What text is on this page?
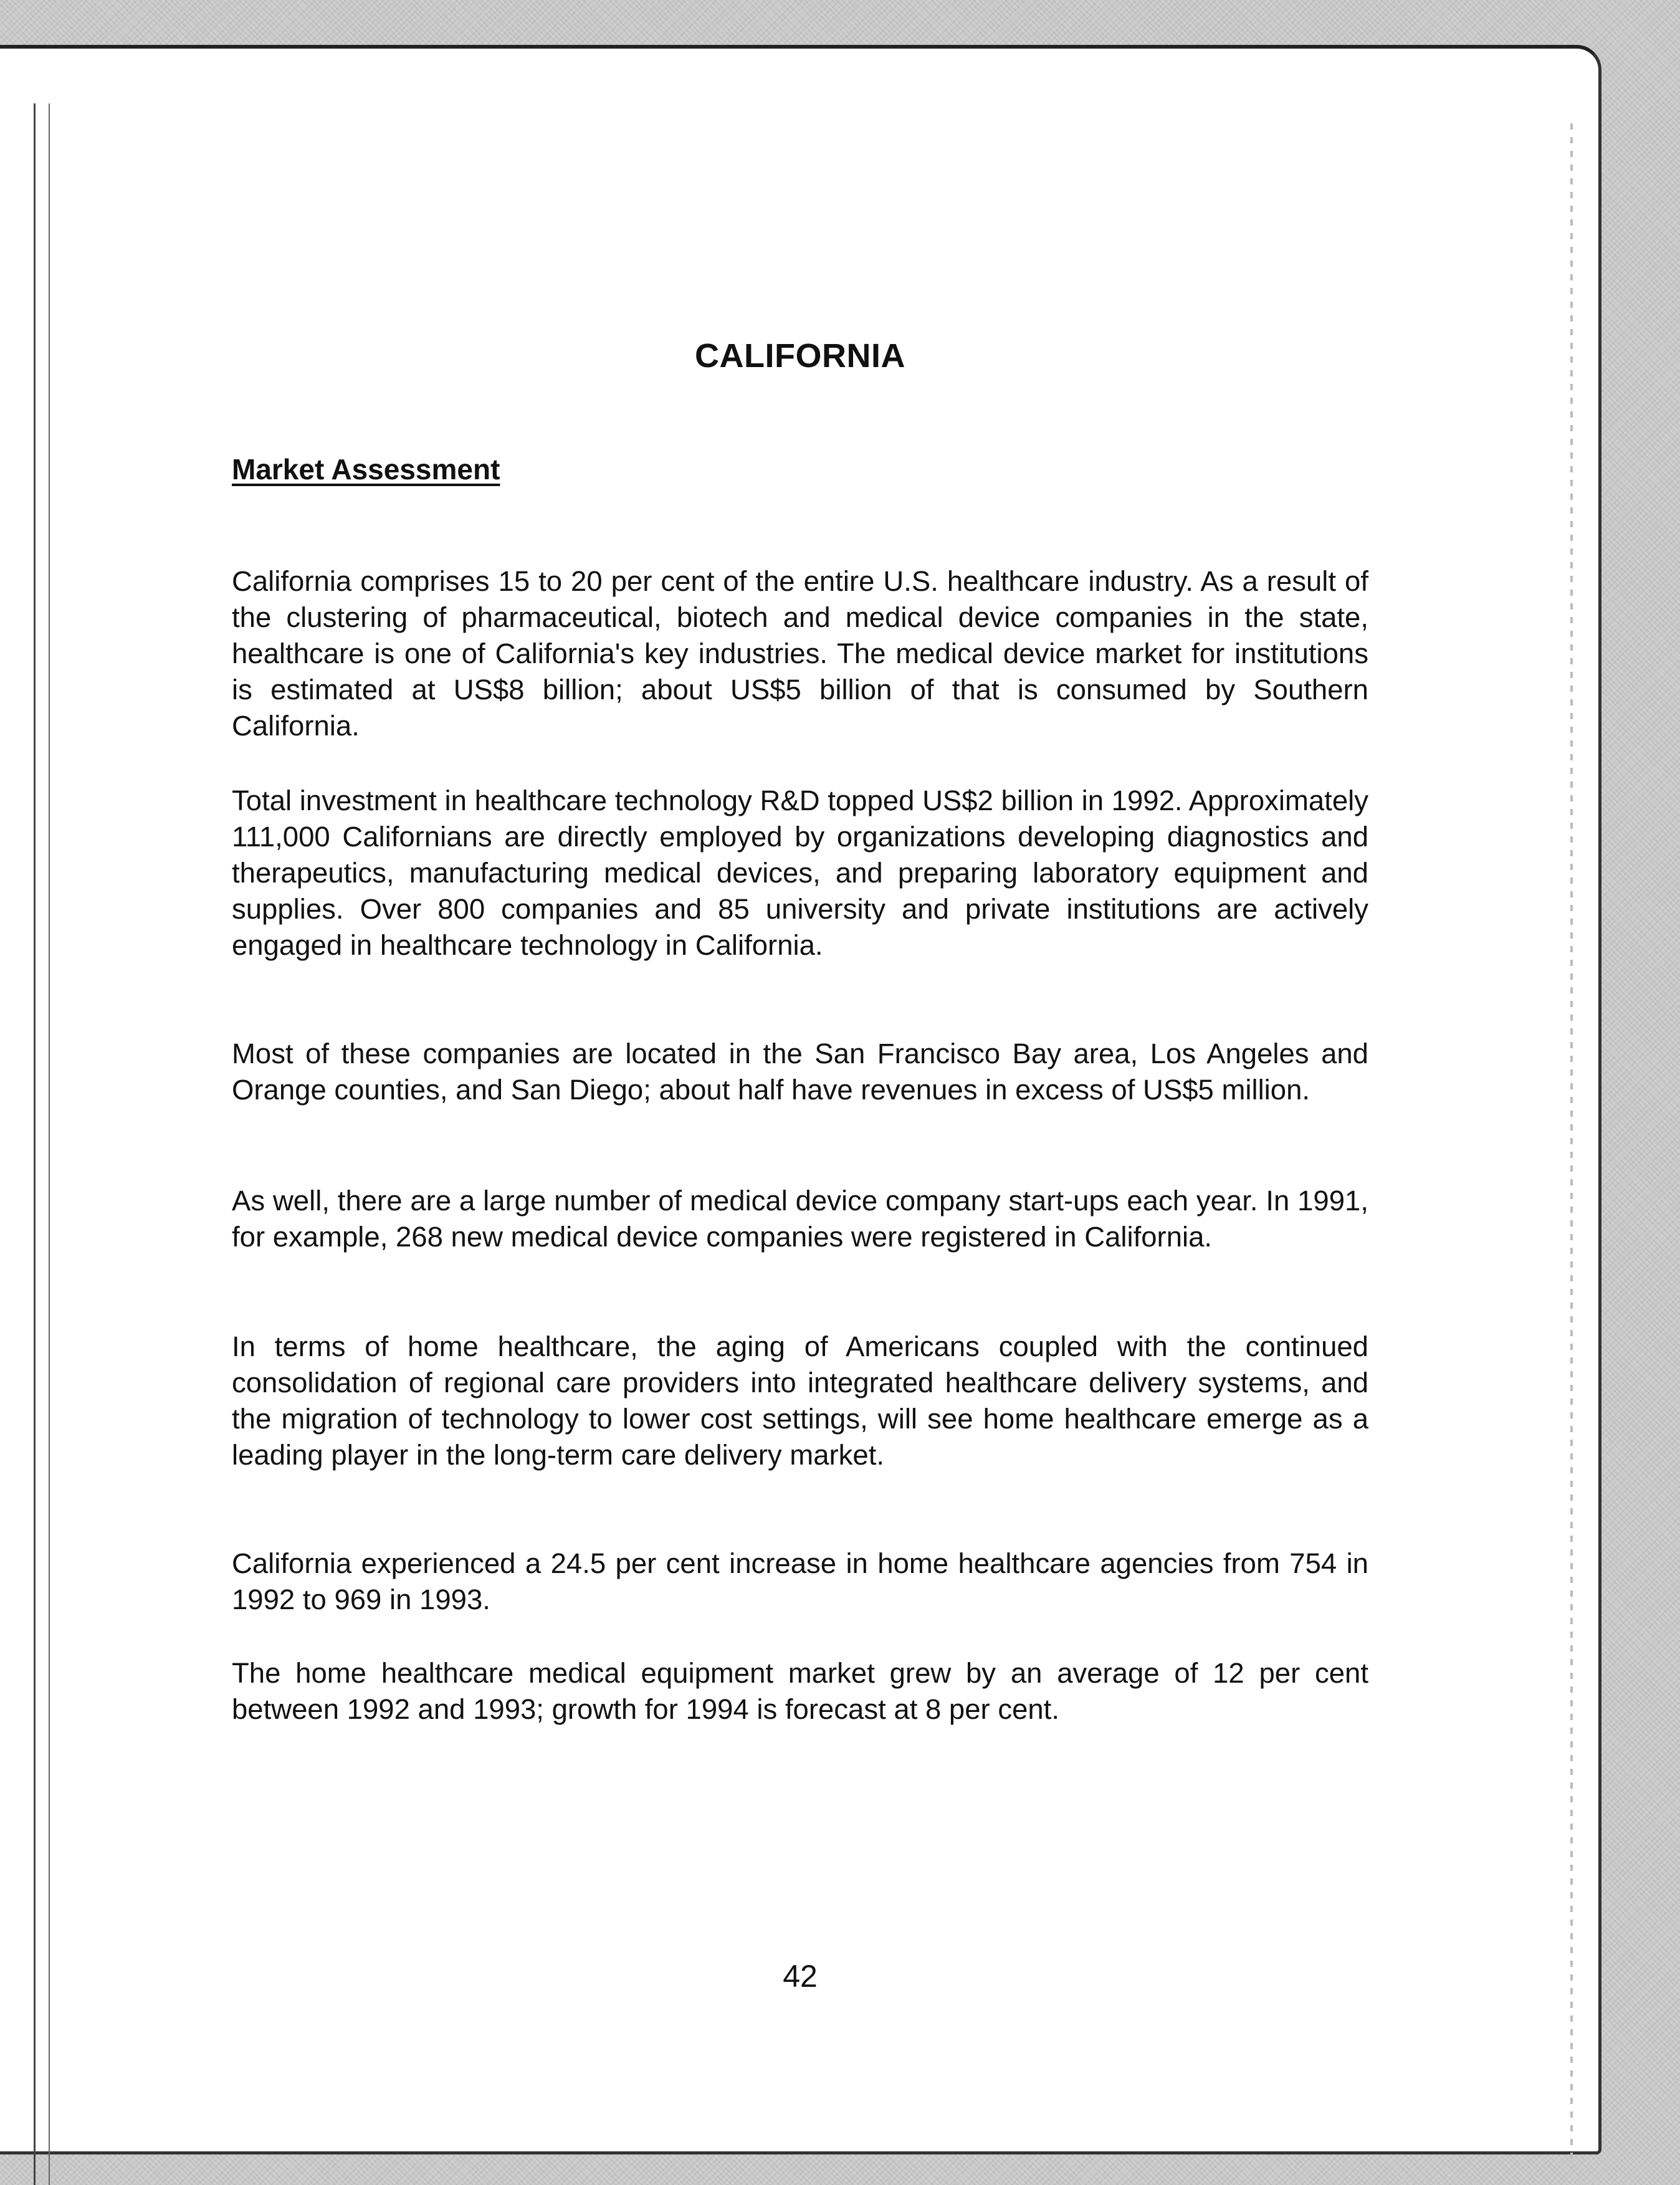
CALIFORNIA
Market Assessment

California comprises 15 to 20 per cent of the entire U.S. healthcare industry. As a result of the clustering of pharmaceutical, biotech and medical device companies in the state, healthcare is one of California's key industries. The medical device market for institutions is estimated at US$8 billion; about US$5 billion of that is consumed by Southern California.

Total investment in healthcare technology R&D topped US$2 billion in 1992. Approximately 111,000 Californians are directly employed by organizations developing diagnostics and therapeutics, manufacturing medical devices, and preparing laboratory equipment and supplies. Over 800 companies and 85 university and private institutions are actively engaged in healthcare technology in California.

Most of these companies are located in the San Francisco Bay area, Los Angeles and Orange counties, and San Diego; about half have revenues in excess of US$5 million.

As well, there are a large number of medical device company start-ups each year. In 1991, for example, 268 new medical device companies were registered in California.

In terms of home healthcare, the aging of Americans coupled with the continued consolidation of regional care providers into integrated healthcare delivery systems, and the migration of technology to lower cost settings, will see home healthcare emerge as a leading player in the long-term care delivery market.

California experienced a 24.5 per cent increase in home healthcare agencies from 754 in 1992 to 969 in 1993.

The home healthcare medical equipment market grew by an average of 12 per cent between 1992 and 1993; growth for 1994 is forecast at 8 per cent.

42
